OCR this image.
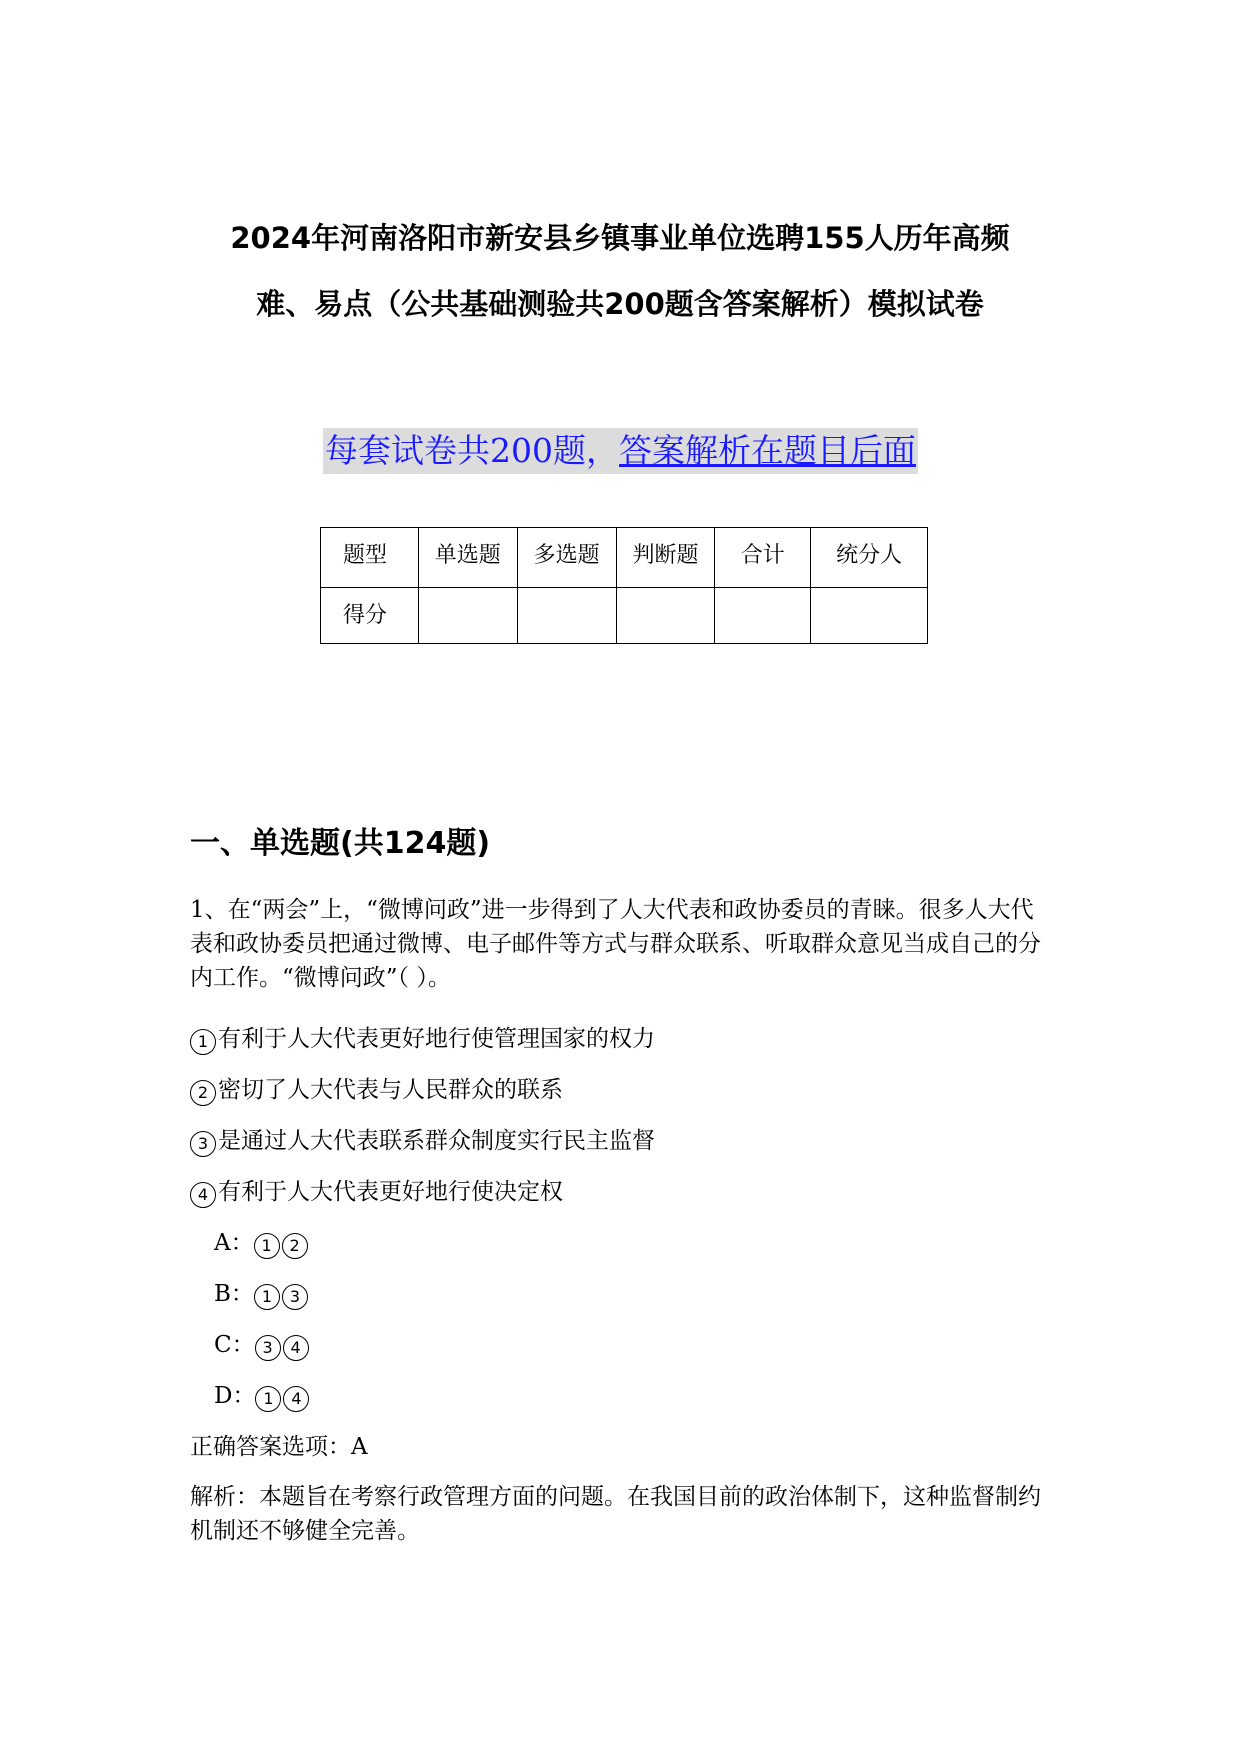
2024年河南洛阳市新安县乡镇事业单位选聘155人历年高频
难、易点（公共基础测验共200题含答案解析）模拟试卷
每套试卷共200题，答案解析在题目后面
题型	单选题	多选题	判断题	合计	统分人
得分					
一、单选题(共124题)

1、在“两会”上，“微博问政”进一步得到了人大代表和政协委员的青睐。很多人大代表和政协委员把通过微博、电子邮件等方式与群众联系、听取群众意见当成自己的分内工作。“微博问政”（ ）。

1 有利于人大代表更好地行使管理国家的权力
2 密切了人大代表与人民群众的联系
3 是通过人大代表联系群众制度实行民主监督
4 有利于人大代表更好地行使决定权
A： 1	2
B： 1	3
C： 3	4
D： 1	4
正确答案选项：A

解析：本题旨在考察行政管理方面的问题。在我国目前的政治体制下，这种监督制约机制还不够健全完善。
